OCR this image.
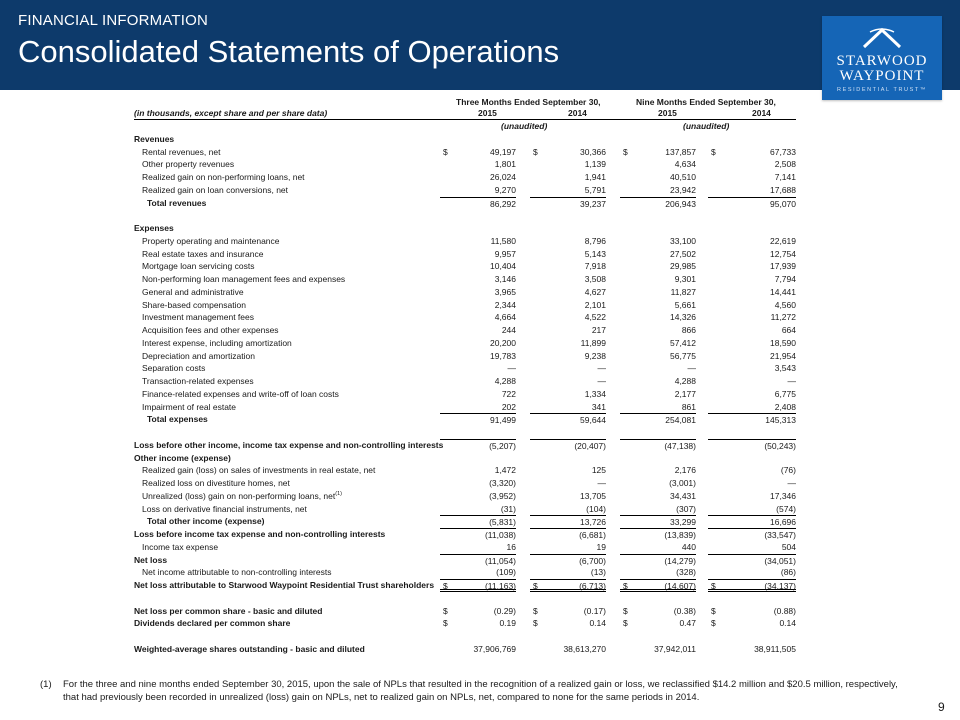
FINANCIAL INFORMATION
Consolidated Statements of Operations	STARWOOD
WAYPOINT
RESIDENTIAL TRUST™
Three Months Ended September 30,	Nine Months Ended September 30,
(in thousands, except share and per share data)	2015	2014	2015	2014
(unaudited)	(unaudited)
Revenues
Rental revenues, net	$	49,197 $	30,366 $	137,857 $	67,733
Other property revenues	1,801	1,139	4,634	2,508
Realized gain on non-performing loans, net	26,024	1,941	40,510	7,141
Realized gain on loan conversions, net	9,270	5,791	23,942	17,688
Total revenues	86,292	39,237	206,943	95,070
Expenses
Property operating and maintenance	11,580	8,796	33,100	22,619
Real estate taxes and insurance	9,957	5,143	27,502	12,754
Mortgage loan servicing costs	10,404	7,918	29,985	17,939
Non-performing loan management fees and expenses	3,146	3,508	9,301	7,794
General and administrative	3,965	4,627	11,827	14,441
Share-based compensation	2,344	2,101	5,661	4,560
Investment management fees	4,664	4,522	14,326	11,272
Acquisition fees and other expenses	244	217	866	664
Interest expense, including amortization	20,200	11,899	57,412	18,590
Depreciation and amortization	19,783	9,238	56,775	21,954
Separation costs	—	—	—	3,543
Transaction-related expenses	4,288	—	4,288	—
Finance-related expenses and write-off of loan costs	722	1,334	2,177	6,775
Impairment of real estate	202	341	861	2,408
Total expenses	91,499	59,644	254,081	145,313
Loss before other income, income tax expense and non-controlling interests	(5,207)	(20,407)	(47,138)	(50,243)
Other income (expense)
Realized gain (loss) on sales of investments in real estate, net	1,472	125	2,176	(76)
Realized loss on divestiture homes, net	(3,320)	—	(3,001)	—
Unrealized (loss) gain on non-performing loans, net$^{(1)}$	(3,952)	13,705	34,431	17,346
Loss on derivative financial instruments, net	(31)	(104)	(307)	(574)
Total other income (expense)	(5,831)	13,726	33,299	16,696
Loss before income tax expense and non-controlling interests	(11,038)	(6,681)	(13,839)	(33,547)
Income tax expense	16	19	440	504
Net loss	(11,054)	(6,700)	(14,279)	(34,051)
Net income attributable to non-controlling interests	(109)	(13)	(328)	(86)
Net loss attributable to Starwood Waypoint Residential Trust shareholders $	(11,163) $	(6,713) $	(14,607) $	(34,137)
Net loss per common share - basic and diluted	$	(0.29) $	(0.17) $	(0.38) $	(0.88)
Dividends declared per common share	$	0.19 $	0.14 $	0.47 $	0.14
Weighted-average shares outstanding - basic and diluted	37,906,769	38,613,270	37,942,011	38,911,505
(1) For the three and nine months ended September 30, 2015, upon the sale of NPLs that resulted in the recognition of a realized gain or loss, we reclassified $14.2 million and $20.5 million, respectively, that had previously been recorded in unrealized (loss) gain on NPLs, net to realized gain on NPLs, net, compared to none for the same periods in 2014.
9
